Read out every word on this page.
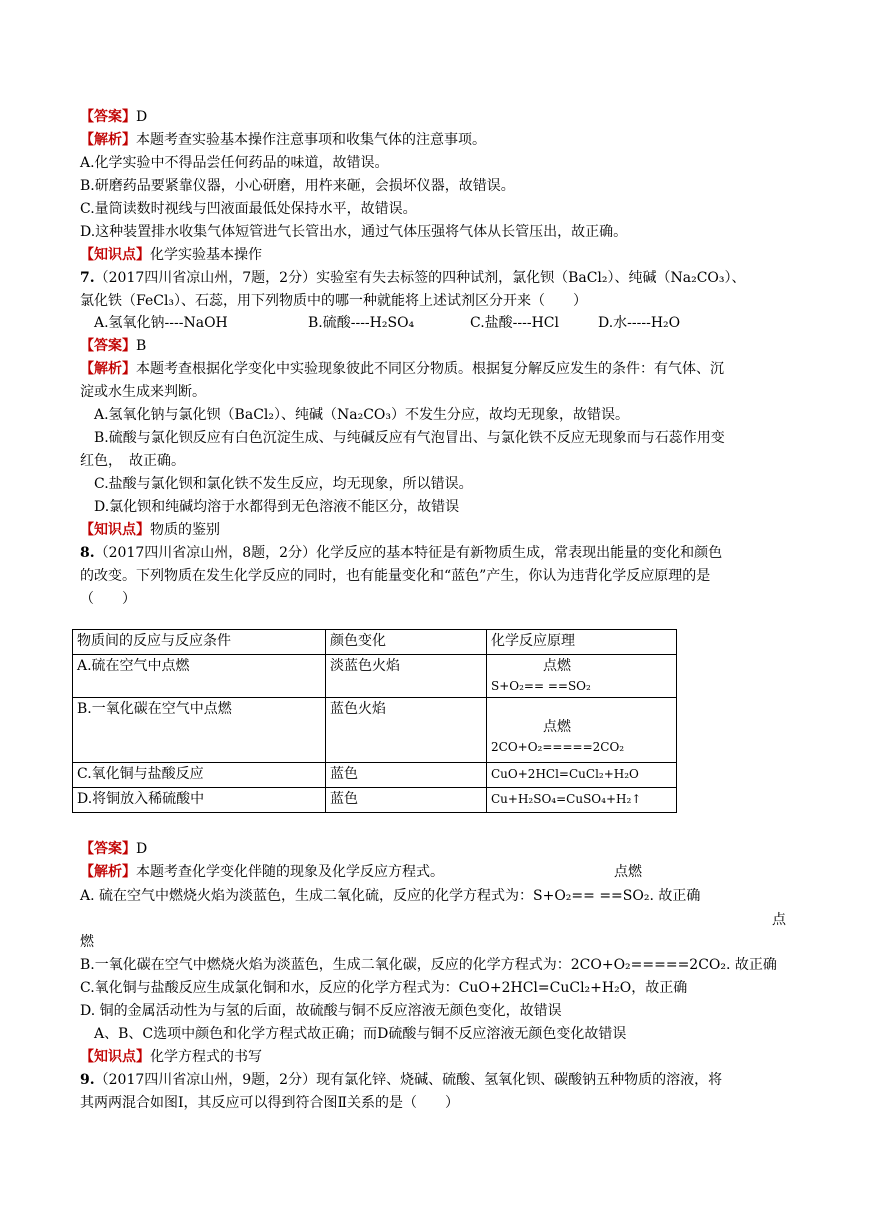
【答案】D
【解析】本题考查实验基本操作注意事项和收集气体的注意事项。
A.化学实验中不得品尝任何药品的味道，故错误。
B.研磨药品要紧靠仪器，小心研磨，用杵来砸，会损坏仪器，故错误。
C.量筒读数时视线与凹液面最低处保持水平，故错误。
D.这种装置排水收集气体短管进气长管出水，通过气体压强将气体从长管压出，故正确。
【知识点】化学实验基本操作
7.（2017四川省凉山州，7题，2分）实验室有失去标签的四种试剂，氯化钡（BaCl₂）、纯碱（Na₂CO₃）、
氯化铁（FeCl₃）、石蕊，用下列物质中的哪一种就能将上述试剂区分开来（　　）
A.氢氧化钠----NaOH	B.硫酸----H₂SO₄	C.盐酸----HCl	D.水-----H₂O
【答案】B
【解析】本题考查根据化学变化中实验现象彼此不同区分物质。根据复分解反应发生的条件：有气体、沉
淀或水生成来判断。
A.氢氧化钠与氯化钡（BaCl₂）、纯碱（Na₂CO₃）不发生分应，故均无现象，故错误。
B.硫酸与氯化钡反应有白色沉淀生成、与纯碱反应有气泡冒出、与氯化铁不反应无现象而与石蕊作用变
红色，　故正确。
C.盐酸与氯化钡和氯化铁不发生反应，均无现象，所以错误。
D.氯化钡和纯碱均溶于水都得到无色溶液不能区分，故错误
【知识点】物质的鉴别
8.（2017四川省凉山州，8题，2分）化学反应的基本特征是有新物质生成，常表现出能量的变化和颜色
的改变。下列物质在发生化学反应的同时，也有能量变化和“蓝色”产生，你认为违背化学反应原理的是
（　　）
物质间的反应与反应条件	颜色变化	化学反应原理
A.硫在空气中点燃	淡蓝色火焰	点燃
S+O₂== ==SO₂
B.一氧化碳在空气中点燃	蓝色火焰	点燃
2CO+O₂=====2CO₂
C.氧化铜与盐酸反应	蓝色	CuO+2HCl=CuCl₂+H₂O
D.将铜放入稀硫酸中	蓝色	Cu+H₂SO₄=CuSO₄+H₂↑
【答案】D
【解析】本题考查化学变化伴随的现象及化学反应方程式。	点燃
A. 硫在空气中燃烧火焰为淡蓝色，生成二氧化硫，反应的化学方程式为：S+O₂== ==SO₂. 故正确
点
燃
B.一氧化碳在空气中燃烧火焰为淡蓝色，生成二氧化碳，反应的化学方程式为：2CO+O₂=====2CO₂. 故正确
C.氧化铜与盐酸反应生成氯化铜和水，反应的化学方程式为：CuO+2HCl=CuCl₂+H₂O，故正确
D. 铜的金属活动性为与氢的后面，故硫酸与铜不反应溶液无颜色变化，故错误
A、B、C选项中颜色和化学方程式故正确；而D硫酸与铜不反应溶液无颜色变化故错误
【知识点】化学方程式的书写
9.（2017四川省凉山州，9题，2分）现有氯化锌、烧碱、硫酸、氢氧化钡、碳酸钠五种物质的溶液，将
其两两混合如图Ⅰ，其反应可以得到符合图Ⅱ关系的是（　　）
